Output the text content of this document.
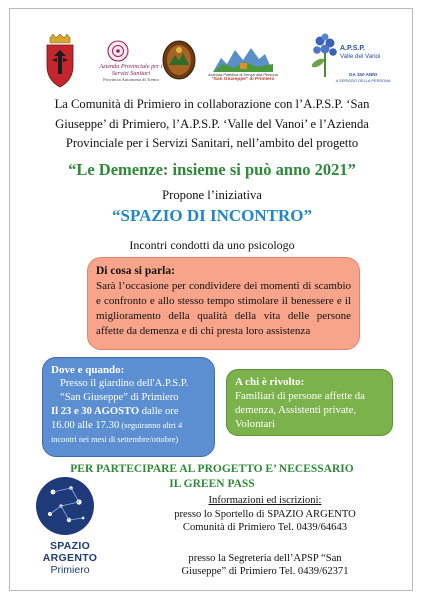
Azienda Provinciale per i Servizi Sanitari
Provincia Autonoma di Trento
Azienda Pubblica di Servizi alla Persona
"San Giuseppe" di Primiero
A.P.S.P.
Valle del Vanoi
DA 150 ANNI
A SERVIZIO DELLA PERSONA
La Comunità di Primiero in collaborazione con l’A.P.S.P. ‘San
Giuseppe’ di Primiero, l’A.P.S.P. ‘Valle del Vanoi’ e l’Azienda
Provinciale per i Servizi Sanitari, nell’ambito del progetto
“Le Demenze: insieme si può anno 2021”
Propone l’iniziativa
“SPAZIO DI INCONTRO”
Incontri condotti da uno psicologo
Di cosa si parla:
Sarà l’occasione per condividere dei momenti di scambio e confronto e allo stesso tempo stimolare il benessere e il miglioramento della qualità della vita delle persone affette da demenza e di chi presta loro assistenza
Dove e quando:
Presso il giardino dell'A.P.S.P.
“San Giuseppe” di Primiero
Il 23 e 30 AGOSTO dalle ore
16.00 alle 17.30 (seguiranno altri 4
incontri nei mesi di settembre/ottobre)
A chi è rivolto:
Familiari di persone affette da demenza, Assistenti private, Volontari
PER PARTECIPARE AL PROGETTO E’ NECESSARIO
IL GREEN PASS
SPAZIO
ARGENTO
Primiero
Informazioni ed iscrizioni:
presso lo Sportello di SPAZIO ARGENTO
Comunità di Primiero Tel. 0439/64643
presso la Segreteria dell’APSP “San
Giuseppe” di Primiero Tel. 0439/62371
